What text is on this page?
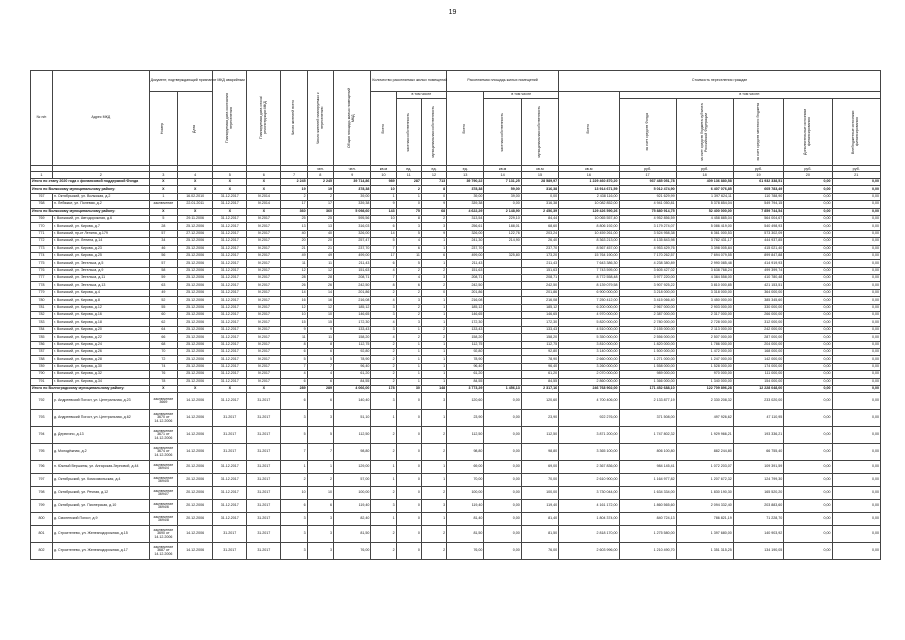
19
№ п/п	Адрес МКД	Документ, подтверждающий признание МКД аварийным		Планируемая дата окончания переселения	Планируемая дата сноса/реконструкции МКД	Число жителей всего	Число жителей планируемых к переселению	Общая площадь жилых помещений МКД	Количество расселяемых жилых помещений			Расселяемая площадь жилых помещений			Стоимость переселения граждан					

		Номер	Дата						Всего	в том числе		Всего	в том числе		Всего	в том числе:				

										частная собственность	муниципальная собственность		частная собственность	муниципальная собственность		за счет средств Фонда	за счет средств бюджета субъекта Российской Федерации	за счет средств местного бюджета	Дополнительные источники финансирования	Внебюджетные источники финансирования

							чел.	чел.	кв.м	ед.	ед.	ед.	кв.м	кв.м	кв.м	руб.	руб.	руб.	руб.	руб.
1	2	3	4	5	6	7	8	9	10	11	12	13	14	15	16	17	18	19	20	21
Итого по этапу 2020 года с финансовой поддержкой Фонда		X	X	X	X	2 245	2 245	39 714,86	989	287	713	39 790,22	7 131,25	28 589,97	1 229 460 870,20	937 485 051,78	409 136 880,58	61 932 338,51	0,00	0,00
Итого по Волжскому муниципальному району:		X	X	X	X	19	19	378,38	10	2	8	378,38	59,00	316,38	13 914 671,59	5 012 474,90	6 407 076,85	605 783,49	0,00	0,00
767	п. Октябрьский, ул. Волжская, д.2	1	16.02.2010	31.12.2017	IV.2014	2	2	39,00	1	1	0	39,00	39,00	0,00	2 438 116,00	921 629,99	1 397 624,11	110 788,90	0,00	0,00
768	п. Лебяжье, ул. Полевая, д.2	заключение	22.01.2011	31.12.2017	IV.2014	17	17	339,38	9	0	9	339,38	0,00	316,38	10 082 852,00	4 941 050,81	5 378 854,04	549 794,15	0,00	0,00
Итого по Волжскому муниципальному району:		X	X	X	X	360	360	5 098,60	143	75	68	4 622,29	2 148,90	2 456,39	129 426 590,26	75 880 914,75	52 400 000,00	7 859 744,54	0,00	0,00
769	г. Волжский, ул. Автодорожная, д.6	5	29.11.2006	31.12.2017	IV.2017	25	25	595,56	10	8	2	313,54	229,10	84,44	10 065 557,40	4 952 856,59	4 458 885,04	564 004,67	0,00	0,00
770	г. Волжский, ул. Кирова, д.7	28	25.12.2006	31.12.2017	IV.2017	13	13	316,03	6	3	3	256,61	188,01	68,60	8 806 192,00	3 179 274,07	5 086 419,00	540 498,93	0,00	0,00
771	г. Волжский, пр-кт Ленина, д.179	57	27.12.2006	31.12.2017	IV.2017	40	40	326,00	14	5	9	326,00	122,76	203,24	10 459 261,00	3 524 958,38	6 361 000,53	573 302,09	0,00	0,00
772	г. Волжский, ул. Ленина, д.14	34	25.12.2006	31.12.2017	IV.2017	20	20	257,47	5	4	1	241,30	214,90	26,40	8 363 213,00	4 135 843,98	3 782 431,17	444 937,85	0,00	0,00
773	г. Волжский, ул. Кирова, д.23	46	25.12.2006	31.12.2017	IV.2017	21	21	237,70	7	6	1	237,70		237,70	8 567 457,00	4 953 429,76	3 398 005,84	415 021,40	0,00	0,00
774	г. Волжский, ул. Кирова, д.25	56	25.12.2006	31.12.2017	IV.2017	49	49	499,00	17	11	6	499,00	325,80	173,20	15 764 190,00	7 170 262,57	7 694 079,55	899 847,88	0,00	0,00
775	г. Волжский, ул. Энгельса, д.5	57	25.12.2006	31.12.2017	IV.2017	11	11	211,43	6	5	1	211,43		211,43	7 643 386,30	4 238 380,89	2 990 085,48	414 919,93	0,00	0,00
776	г. Волжский, ул. Энгельса, д.9	58	25.12.2006	31.12.2017	IV.2017	12	12	151,63	4	2	2	151,63		151,63	7 743 595,00	3 605 427,02	3 638 768,24	499 399,74	0,00	0,00
777	г. Волжский, ул. Энгельса, д.11	59	25.12.2006	31.12.2017	IV.2017	28	28	208,71	7	4	3	208,71		208,71	8 772 558,48	3 977 220,00	4 384 558,00	410 780,48	0,00	0,00
778	г. Волжский, ул. Энгельса, д.13	63	25.12.2006	31.12.2017	IV.2017	26	26	242,50	8	6	2	242,50		242,50	8 139 079,58	3 907 925,22	3 810 000,85	421 153,51	0,00	0,00
779	г. Волжский, ул. Кирова, д.4	49	25.12.2006	31.12.2017	IV.2017	14	14	201,86	2	2	0	201,86		201,86	6 900 000,00	3 218 000,00	3 318 000,00	364 000,00	0,00	0,00
780	г. Волжский, ул. Кирова, д.8	52	25.12.2006	31.12.2017	IV.2017	16	16	216,08	4	3	1	216,08		216,08	7 250 412,00	3 415 066,40	3 450 000,00	385 345,60	0,00	0,00
781	г. Волжский, ул. Кирова, д.12	55	25.12.2006	31.12.2017	IV.2017	12	12	185,12	3	2	1	185,12		185,12	6 200 000,00	2 967 000,00	2 903 000,00	330 000,00	0,00	0,00
782	г. Волжский, ул. Кирова, д.16	60	25.12.2006	31.12.2017	IV.2017	10	10	146,65	3	2	1	146,65		146,65	4 970 000,00	2 387 000,00	2 317 000,00	266 000,00	0,00	0,00
783	г. Волжский, ул. Кирова, д.18	62	25.12.2006	31.12.2017	IV.2017	15	15	172,30	4	3	1	172,30		172,30	5 820 000,00	2 780 000,00	2 728 000,00	312 000,00	0,00	0,00
784	г. Волжский, ул. Кирова, д.20	64	25.12.2006	31.12.2017	IV.2017	9	9	133,43	3	1	2	133,43		133,43	4 510 000,00	2 155 000,00	2 113 000,00	242 000,00	0,00	0,00
785	г. Волжский, ул. Кирова, д.22	66	25.12.2006	31.12.2017	IV.2017	11	11	158,20	4	2	2	158,20		158,20	5 350 000,00	2 556 000,00	2 507 000,00	287 000,00	0,00	0,00
786	г. Волжский, ул. Кирова, д.24	68	25.12.2006	31.12.2017	IV.2017	8	8	112,75	2	1	1	112,75		112,75	3 810 000,00	1 820 000,00	1 786 000,00	204 000,00	0,00	0,00
787	г. Волжский, ул. Кирова, д.26	70	25.12.2006	31.12.2017	IV.2017	6	6	92,80	2	1	1	92,80		92,80	3 140 000,00	1 500 000,00	1 472 000,00	168 000,00	0,00	0,00
788	г. Волжский, ул. Кирова, д.28	72	25.12.2006	31.12.2017	IV.2017	5	5	78,90	2	1	1	78,90		78,90	2 660 000,00	1 271 000,00	1 247 000,00	142 000,00	0,00	0,00
789	г. Волжский, ул. Кирова, д.30	74	25.12.2006	31.12.2017	IV.2017	7	7	96,40	2	1	1	96,40		96,40	3 260 000,00	1 558 000,00	1 528 000,00	174 000,00	0,00	0,00
790	г. Волжский, ул. Кирова, д.32	76	25.12.2006	31.12.2017	IV.2017	4	4	61,20	2	1	1	61,20		61,20	2 070 000,00	989 000,00	970 000,00	111 000,00	0,00	0,00
791	г. Волжский, ул. Кирова, д.34	78	25.12.2006	31.12.2017	IV.2017	6	6	84,55	2	1	1	84,55		84,55	2 860 000,00	1 366 000,00	1 340 000,00	154 000,00	0,00	0,00
Итого по Волгоградскому муниципальному району:		X	X	X	X	289	289	4 066,00	178	30	148	3 773,29	1 456,13	2 317,16	246 768 902,00	171 452 688,10	122 709 896,28	12 228 048,00	0,00	0,00
792	р. Андреевский Погост, ул. Центральная, д.23	заключение 3669	14.12.2006	31.12.2017	31.2017	6	6	140,40	3	0	3	120,60	0,00	120,60	4 700 406,00	2 133 877,19	2 330 208,32	233 020,00	0,00	0,00
793	д. Андреевский Погост, ул. Центральная, д.62	заключение 3670 от 14.12.2006	14.12.2006	31.2017	31.2017	3	3	51,10	1	0	1	23,90	0,00	23,90	922 276,00	371 508,00	497 926,62	47 110,95	0,00	0,00
794	д. Дерюгино, д.13	заключение 3671 от 14.12.2006	14.12.2006	31.2017	31.2017	5	5	112,50	2	0	2	112,50	0,00	112,50	3 871 200,00	1 747 802,32	1 929 966,21	193 336,21	0,00	0,00
795	д. Молодёжная, д.2	заключение 3674 от 14.12.2006	14.12.2006	31.2017	31.2017	7	7	98,80	2	0	2	98,80	0,00	98,80	3 365 100,00	806 100,80	882 244,80	66 755,40	0,00	0,00
796	п. Южный Вершины, ул. Ангарская-Зерновой, д.44	заключение 3694/4	20.12.2006	31.12.2017	31.2017	1	1	129,00	1	0	1	69,00	0,00	69,00	2 367 836,00	984 145,41	1 072 203,07	109 391,59	0,00	0,00
797	д. Октябрьский, ул. Комсомольская, д.4	заключение 3694/5	20.12.2006	31.12.2017	31.2017	2	2	57,00	1	0	1	70,00	0,00	70,00	2 610 900,00	1 164 977,82	1 207 672,32	124 799,30	0,00	0,00
798	д. Октябрьский, ул. Речная, д.12	заключение 3694/7	20.12.2006	31.12.2017	31.2017	10	10	100,00	2	0	2	100,00	0,00	100,00	3 730 044,00	1 634 334,00	1 830 190,30	165 520,20	0,00	0,00
799	д. Октябрьский, ул. Пионерская, д.10	заключение 3694/6	20.12.2006	31.12.2017	31.2017	6	6	119,40	3	0	3	119,40	0,00	119,40	4 161 172,00	1 860 565,60	2 094 332,40	203 883,60	0,00	0,00
800	д. Смоленский Погост, д.9	заключение 3694/8	20.12.2006	31.12.2017	31.2017	3	3	82,40	1	0	1	81,40	0,00	81,40	1 804 374,00	840 724,13	786 821,19	71 228,70	0,00	0,00
801	д. Строителево, ул. Железнодорожная, д.15	заключение 3690 от 14.12.2006	14.12.2006	31.2017	31.2017	3	3	81,50	2	0	2	81,50	0,00	81,50	2 818 170,00	1 275 580,00	1 397 680,00	140 903,92	0,00	0,00
802	д. Строителево, ул. Железнодорожная, д.17	заключение 3687 от 14.12.2006	14.12.2006	31.2017	31.2017	3	3	76,00	2	0	2	76,00	0,00	76,00	2 603 996,00	1 210 490,70	1 351 315,25	134 190,05	0,00	0,00
